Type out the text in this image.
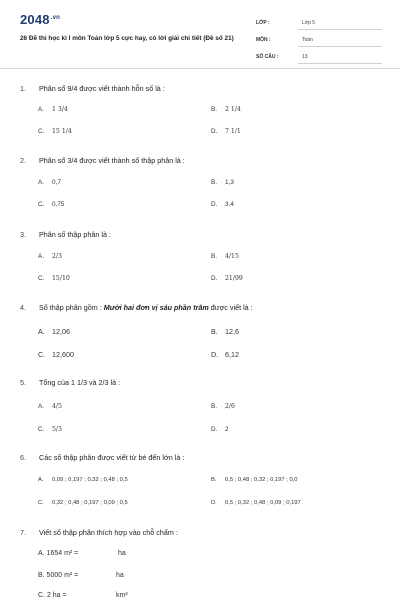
$2048^{.vn}$
26 Đề thi học kì I môn Toán lớp 5 cực hay, có lời giải chi tiết (Đề số 21)
LỚP :	Lớp 5
MÔN :	Toán
SỐ CÂU :	13
1. Phân số 9/4 được viết thành hỗn số là :
A. 1 3/4	B. 2 1/4
C. 15 1/4	D. 7 1/1
2. Phân số 3/4 được viết thành số thập phân là :
A. 0,7	B. 1,3
C. 0,75	D. 3,4
3. Phân số thập phân là :
A. 2/3	B. 4/15
C. 15/10	D. 21/99
4. Số thập phân gồm : Mười hai đơn vị sáu phần trăm được viết là :
A. 12,06	B. 12,6
C. 12,600	D. 6,12
5. Tổng của 1 1/3 và 2/3 là :
A. 4/5	B. 2/6
C. 5/3	D. 2
6. Các số thập phân được viết từ bé đến lớn là :
A. 0,09 ; 0,197 ; 0,32 ; 0,48 ; 0,5	B. 0,5 ; 0,48 ; 0,32 ; 0,197 ; 0,0
C. 0,32 ; 0,48 ; 0,197 ; 0,09 ; 0,5	D. 0,5 ; 0,32 ; 0,48 ; 0,09 ; 0,197
7. Viết số thập phân thích hợp vào chỗ chấm :
A. 1654 m² =	ha
B. 5000 m² =	ha
C. 2 ha =	km²
